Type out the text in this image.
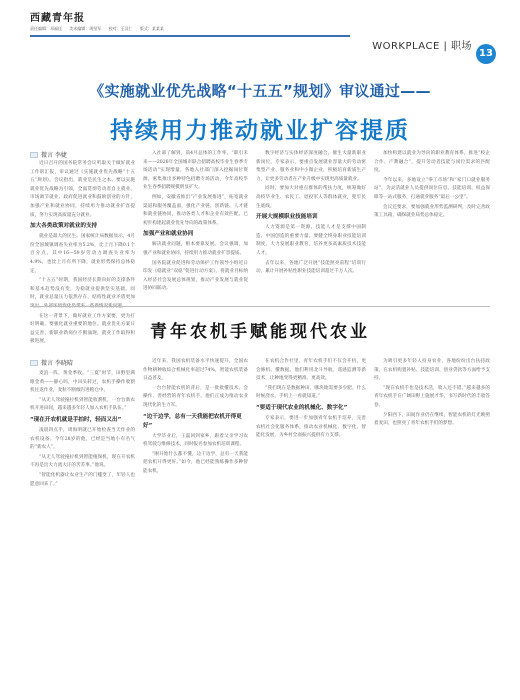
西藏青年报
责任编辑：邓福佳 美术编辑：周坚军 校对：王汉仁 版式：某某某
WORKPLACE | 职场
13
《实施就业优先战略“十五五”规划》审议通过——
持续用力推动就业扩容提质
微言 李婕

近日召开的国务院常务会议听取关于做好就业工作的汇报，审议通过《实施就业优先战略“十五五”规划》。会议指出，就业是民生之本。要以实施就业优先战略为引领，全面贯彻劳动者自主就业、市场调节就业、政府促进就业和鼓励创业的方针，加强产业和就业协同，持续用力推动就业扩容提质，努力实现高质量充分就业。

加大各类政策对就业的支持

就业是最大的民生。国家统计局数据显示，4月份全国城镇调查失业率为5.2%，比上月下降0.1个百分点。其中16—59岁劳动力调查失业率为4.9%，也比上月有所下降，就业形势保持总体稳定。

“十五五”时期，我国经济长期向好的支撑条件和基本趋势没有变，为稳就业提供坚实基础。同时，就业总量压力依然存在，结构性就业矛盾更加

在这一背景下，做好就业工作方案要，更为打好明确、要强化就业重要的地位。就业优先方案日益完善，新职业新岗位不断涌现，就业工作取得积极进展。

入社部了解到，前4月总体的工作率，“职引未来——2026年全国城市联合招聘高校毕业生春季专场活动”实现增量，各地入社部门深入挖掘岗位资源，密集推出多种特色招聘专场活动，今年高校毕业生春季招聘规模明显扩大。

例如，安徽省推出“产业发展推进”，拓宽就业渠道和服务覆盖面，强化产业链、创新链、人才链和就业链协同，推动各类人才和企业有效匹配，已初步构建起就业优先导向的政策体系。

加强产业和就业协同

解决就业问题，根本要靠发展。会议强调，加强产业和就业协同，持续用力推动就业扩容提质。

国务院就业促进和劳动保护工作领导小组近日印发《稳就业“双稳”促进行动方案》，将就业目标纳入经济社会发展总体规划，推动产业发展与就业促进协同联动。

数字经济与实体经济深度融合，催生大量新职业新岗位。专家表示，要重点发展就业容量大的劳动密集型产业、服务业和中小微企业，积极培育新质生产力，让更多劳动者在产业升级中实现更高质量就业。

同时，要加大对重点群体的帮扶力度，统筹做好高校毕业生、农民工、退役军人等群体就业，兜牢民生底线。

开展大规模职业技能培训

人力资源是第一资源。技能人才是支撑中国制造、中国创造的重要力量。要健全终身职业技能培训制度，大力发展职业教育，培养更多高素质技术技能人才。

去年以来，各地广泛开展“技能照亮前程”培训行动，累计开展补贴性职业技能培训超过千万人次。

加快构建以就业为导向的职业教育体系，推进“校企合作、产教融合”，提升劳动者技能与岗位需求的匹配度。

今年以来，多地设立“零工市场”和“家门口就业服务站”，为灵活就业人员提供岗位信息、技能培训、权益保障等一站式服务，打通就业服务“最后一公里”。

会议还要求，要加强就业形势监测研判，及时完善政策工具箱，确保就业局势总体稳定。

青年农机手赋能现代农业
微言 李晓晴

麦浪一阵，黄金季收。“三夏”时节，田野里满眼金黄——静心吗，中田头转过，农机手操作收割机往返作业，麦粒不断倾泻进粮仓中。

“从无人驾驶拖拉机到智能收割机，一台台新农机开进田间，越来越多年轻人加入农机手队伍。”

“现在开农机就是手拍时，轻而又出”

凌晨四点半，周海明就已开始检查当天作业的农机设备。今年28岁的他，已经是当地小有名气的“新农人”。

“从无人驾驶拖拉机到智能植保机，现在开农机不再是出大力流大汗的苦差事。”他说。

“智能化机器让农业生产的门槛变了，年轻人也愿意回来了。”

近年来，我国农机装备水平快速提升，全国农作物耕种收综合机械化率超过74%，智能农机装备日益普及。

一台台智能农机的背后，是一批批懂技术、会操作、善经营的青年农机手。他们正成为推动农业现代化的生力军。

“边干边学，总有一天我能把农机开得更好”

大学毕业后，王磊回到家乡，跟着父亲学习农机驾驶与维修技术，同时报名参加农机培训课程。

“刚开始什么都不懂，边干边学，总有一天我能把农机开得更好。”如今，他已经能熟练操作多种智能农机。

在农机合作社里，青年农机手们不仅会开机，更会修机、懂数据。他们利用北斗导航、遥感监测等新技术，让种地变得更精准、更高效。

“我们现在是数据种田，哪块地需要多少肥、什么时候浇水，手机上一看就知道。”

“要适于现代农业的机械化、数字化”

专家表示，要进一步加强青年农机手培养，完善农机社会化服务体系，推动农业机械化、数字化、智能化发展，为乡村全面振兴提供有力支撑。

为吸引更多年轻人投身农业，各地纷纷出台扶持政策，在农机购置补贴、技能培训、创业贷款等方面给予支持。

“现在农机手也是技术活，收入还不错。”越来越多的青年农机手在广阔田野上施展才华，书写新时代的丰收答卷。

夕阳西下，田间作业仍在继续，智能农机的灯光映照着麦田，也照亮了青年农机手们的梦想。
